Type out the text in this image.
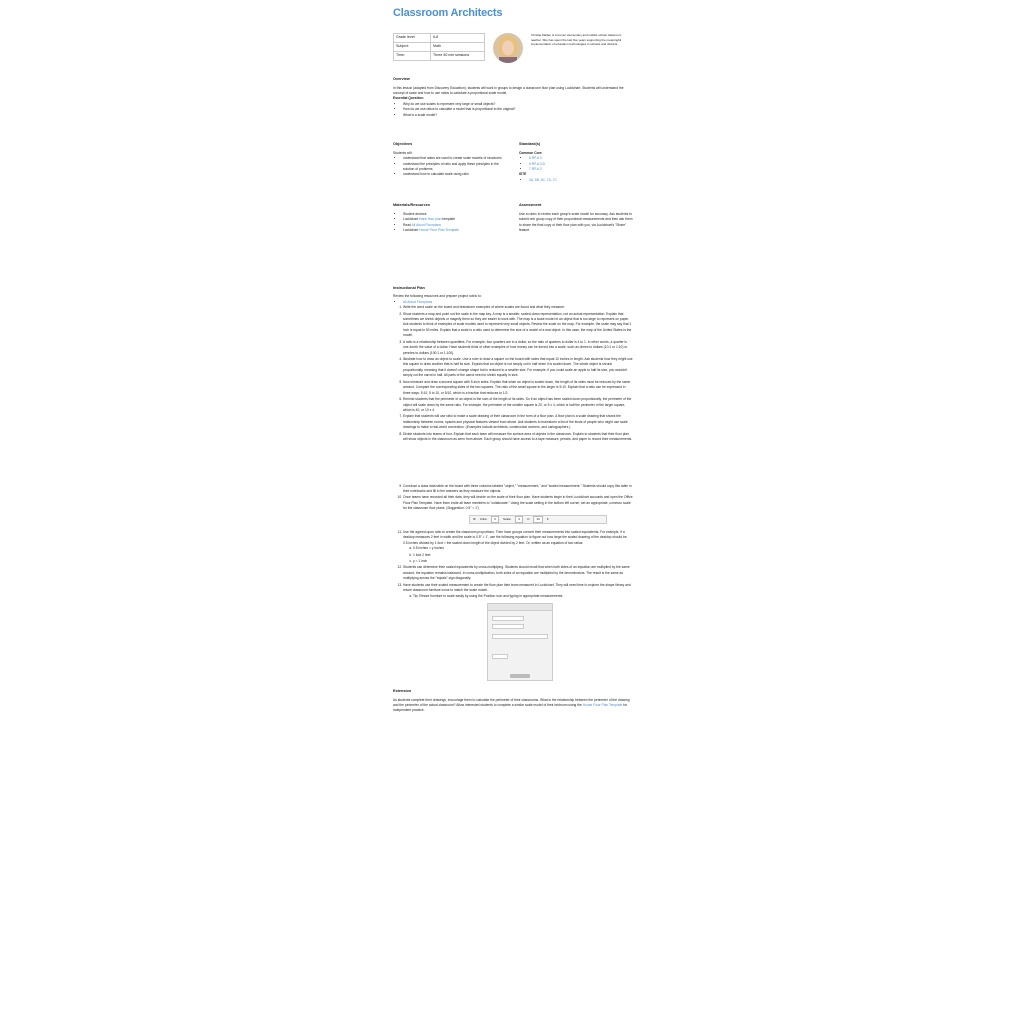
Classroom Architects
Grade level:	6-8
Subject:	Math
Time:	Three 50 min sessions
Christie Maiber is a former elementary and middle school classroom teacher. She has spent the last five years supporting the meaningful implementation of education technologies in schools and districts.
Overview
In this lesson (adapted from Discovery Education), students will work in groups to design a classroom floor plan using Lucidchart. Students will understand the concept of scale and how to use ratios to calculate a proportional scale model.
Essential Question:
• Why do we use scales to represent very large or small objects?
• How do we use ratios to calculate a model that is proportional to the original?
• What is a scale model?
Objectives
Students will:
• understand that ratios are used to create scale models of structures
• understand the principles of ratio and apply these principles in the solution of problems
• understand how to calculate scale using ratio
Standard(s)
Common Core
• 6.RP.A.3
• 6.RP.A.3.D
• 7.RP.A.2
ISTE
• 3A, 5B, 6C, 7A, 7C
Materials/Resources
• Student devices
• Lucidchart blank floor plan template
• Read All About Floorplans
• Lucidchart House Floor Plan Template
Assessment
Use a rubric to review each group's scale model for accuracy. Ask students to submit one group copy of their proportional measurements and then ask them to share the final copy of their floor plan with you, via Lucidchart's "Share" feature.
Instructional Plan
Review the following resources and prepare project rubric to:
• All About Floorplans
1. Write the word scale on the board and brainstorm examples of where scales are found and what they measure.
2. Show students a map and point out the scale in the map key. A map is a smaller, scaled-down representation, not an actual representation. Explain that sometimes we shrink objects or magnify them so they are easier to work with. The map is a scale model of an object that is too large to represent on paper. Ask students to think of examples of scale models used to represent very small objects. Review the scale on the map. For example, the scale may say that 1 inch is equal to 50 miles. Explain that a scale is a ratio used to determine the size of a model of a real object. In this case, the map of the United States is the model.
3. A ratio is a relationship between quantities. For example, four quarters are in a dollar, so the ratio of quarters to dollar is 4 to 1. In other words, a quarter is one-fourth the value of a dollar. Have students think of other examples of how money can be turned into a scale, such as dimes to dollars (10:1 or 1:10) or pennies to dollars (100:1 or 1:100).
4. Illustrate how to draw an object to scale. Use a ruler to draw a square on the board with sides that equal 10 inches in length. Ask students how they might use this square to draw another that is half its size. Explain that an object is not simply cut in half when it is scaled down. The whole object is shrunk proportionally, meaning that it doesn't change shape but is reduced to a smaller size. For example, if you could scale an apple to half its size, you wouldn't simply cut the carrot in half. All parts of the carrot need to shrink equally in size.
5. Now measure and draw a second square with 5-inch sides. Explain that when an object is scaled down, the length of its sides must be reduced by the same amount. Compare the corresponding sides of the two squares. The ratio of the small square to the larger is 5:10. Explain that a ratio can be expressed in three ways: 5:10, 5 to 10, or 5/10, which is a fraction that reduces to 1/2.
6. Remind students that the perimeter of an object is the sum of the length of its sides. So if an object has been scaled down proportionally, the perimeter of the object will scale down by the same ratio. For example, the perimeter of the smaller square is 20, or 5 x 4, which is half the perimeter of the larger square, which is 40, or 10 x 4.
7. Explain that students will use ratio to make a scale drawing of their classroom in the form of a floor plan. A floor plan is a scale drawing that shows the relationship between rooms, spaces and physical features viewed from above. Ask students to brainstorm a list of the kinds of people who might use scale drawings to make a real-world connection. (Examples include architects, construction workers, and cartographers.)
8. Divide students into teams of four. Explain that each team will measure the surface area of objects in the classroom. Explain to students that their floor plan will show objects in the classroom as seen from above. Each group should have access to a tape measure, pencils, and paper to record their measurements.
9. Construct a class data table on the board with three columns labeled "object," "measurement," and "scaled measurement." Students should copy this table in their notebooks and fill in the answers as they measure the objects.
10. Once teams have recorded all their data, they will decide on the scale of their floor plan. Have students begin in their Lucidchart accounts and open the Office Floor Plan Template. Have them invite all team members to "collaborate." Using the scale setting in the bottom left corner, set an appropriate, common scale for the classroom floor plans. (Suggestion: 0.5" = 1')
⚙ Units:	ft	Scale:	2	in	16	ft
11. Use the agreed-upon ratio to create the classroom proportions. Then have groups convert their measurements into scaled equivalents. For example, if a desktop measures 2 feet in width and the scale is 0.5" = 1', use the following equation to figure out how large the scaled drawing of the desktop should be. 0.5 inches divided by 1 foot = the scaled down length of the object divided by 2 feet. Or, written as an equation of two ratios:
a. 0.5 inches = y inches
b. 1 foot 2 feet
c. y = 1 inch
12. Students can determine their scaled equivalents by cross-multiplying. Students should recall that when both sides of an equation are multiplied by the same amount, the equation remains balanced. In cross-multiplication, both sides of an equation are multiplied by the denominators. The result is the same as multiplying across the "equals" sign diagonally.
13. Have students use their scaled measurement to create the floor plan their team measured in Lucidchart. They will need time to explore the shape library and resize classroom furniture icons to match the scale model.
a. Tip: Resize furniture to scale easily by using the Position icon and typing in appropriate measurements.
Extension
As students complete their drawings, encourage them to calculate the perimeter of their classrooms. What is the relationship between the perimeter of the drawing and the perimeter of the actual classroom? Allow interested students to complete a similar scale model of their bedroom using the House Floor Plan Template for independent practice.
